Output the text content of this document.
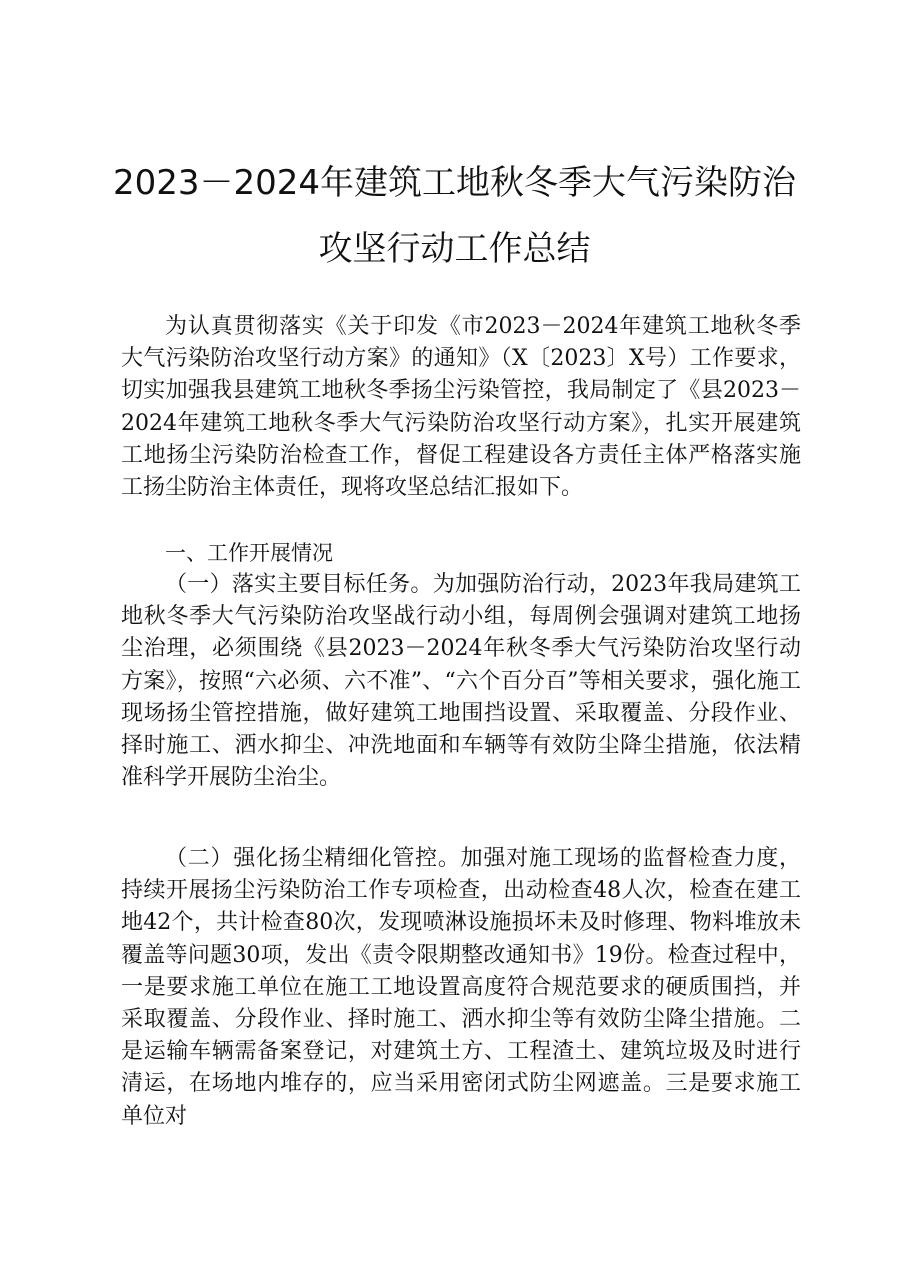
2023－2024年建筑工地秋冬季大气污染防治
攻坚行动工作总结

为认真贯彻落实《关于印发《市2023－2024年建筑工地秋冬季大气污染防治攻坚行动方案》的通知》（X〔2023〕X号）工作要求，切实加强我县建筑工地秋冬季扬尘污染管控，我局制定了《县2023－2024年建筑工地秋冬季大气污染防治攻坚行动方案》，扎实开展建筑工地扬尘污染防治检查工作，督促工程建设各方责任主体严格落实施工扬尘防治主体责任，现将攻坚总结汇报如下。

一、工作开展情况

（一）落实主要目标任务。为加强防治行动，2023年我局建筑工地秋冬季大气污染防治攻坚战行动小组，每周例会强调对建筑工地扬尘治理，必须围绕《县2023－2024年秋冬季大气污染防治攻坚行动方案》，按照“六必须、六不准”、“六个百分百”等相关要求，强化施工现场扬尘管控措施，做好建筑工地围挡设置、采取覆盖、分段作业、择时施工、洒水抑尘、冲洗地面和车辆等有效防尘降尘措施，依法精准科学开展防尘治尘。

（二）强化扬尘精细化管控。加强对施工现场的监督检查力度，持续开展扬尘污染防治工作专项检查，出动检查48人次，检查在建工地42个，共计检查80次，发现喷淋设施损坏未及时修理、物料堆放未覆盖等问题30项，发出《责令限期整改通知书》19份。检查过程中，一是要求施工单位在施工工地设置高度符合规范要求的硬质围挡，并采取覆盖、分段作业、择时施工、洒水抑尘等有效防尘降尘措施。二是运输车辆需备案登记，对建筑土方、工程渣土、建筑垃圾及时进行清运，在场地内堆存的，应当采用密闭式防尘网遮盖。三是要求施工单位对
